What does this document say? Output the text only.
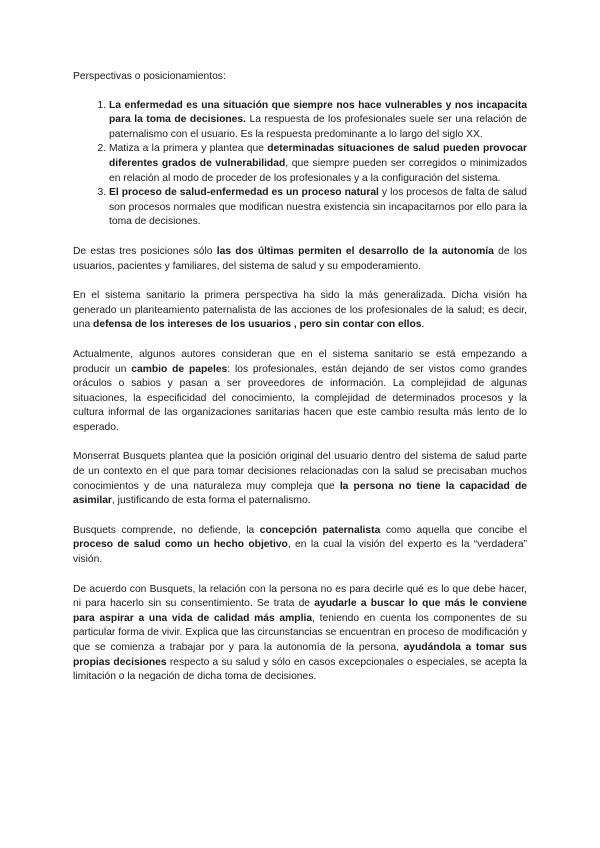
Perspectivas o posicionamientos:

1. La enfermedad es una situación que siempre nos hace vulnerables y nos incapacita para la toma de decisiones. La respuesta de los profesionales suele ser una relación de paternalismo con el usuario. Es la respuesta predominante a lo largo del siglo XX.
2. Matiza a la primera y plantea que determinadas situaciones de salud pueden provocar diferentes grados de vulnerabilidad, que siempre pueden ser corregidos o minimizados en relación al modo de proceder de los profesionales y a la configuración del sistema.
3. El proceso de salud-enfermedad es un proceso natural y los procesos de falta de salud son procesos normales que modifican nuestra existencia sin incapacitarnos por ello para la toma de decisiones.

De estas tres posiciones sólo las dos últimas permiten el desarrollo de la autonomía de los usuarios, pacientes y familiares, del sistema de salud y su empoderamiento.

En el sistema sanitario la primera perspectiva ha sido la más generalizada. Dicha visión ha generado un planteamiento paternalista de las acciones de los profesionales de la salud; es decir, una defensa de los intereses de los usuarios , pero sin contar con ellos.

Actualmente, algunos autores consideran que en el sistema sanitario se está empezando a producir un cambio de papeles: los profesionales, están dejando de ser vistos como grandes oráculos o sabios y pasan a ser proveedores de información. La complejidad de algunas situaciones, la especificidad del conocimiento, la complejidad de determinados procesos y la cultura informal de las organizaciones sanitarias hacen que este cambio resulta más lento de lo esperado.

Monserrat Busquets plantea que la posición original del usuario dentro del sistema de salud parte de un contexto en el que para tomar decisiones relacionadas con la salud se precisaban muchos conocimientos y de una naturaleza muy compleja que la persona no tiene la capacidad de asimilar, justificando de esta forma el paternalismo.

Busquets comprende, no defiende, la concepción paternalista como aquella que concibe el proceso de salud como un hecho objetivo, en la cual la visión del experto es la “verdadera” visión.

De acuerdo con Busquets, la relación con la persona no es para decirle qué es lo que debe hacer, ni para hacerlo sin su consentimiento. Se trata de ayudarle a buscar lo que más le conviene para aspirar a una vida de calidad más amplia, teniendo en cuenta los componentes de su particular forma de vivir. Explica que las circunstancias se encuentran en proceso de modificación y que se comienza a trabajar por y para la autonomía de la persona, ayudándola a tomar sus propias decisiones respecto a su salud y sólo en casos excepcionales o especiales, se acepta la limitación o la negación de dicha toma de decisiones.
